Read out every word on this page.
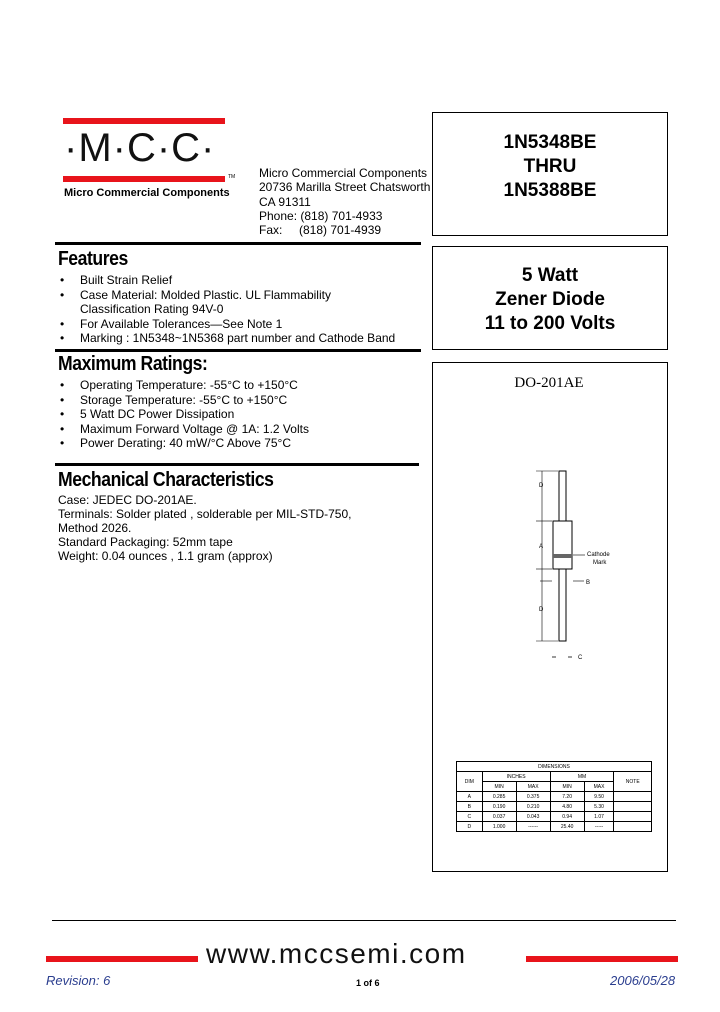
·M·C·C·
TM
Micro Commercial Components
Micro Commercial Components
20736 Marilla Street Chatsworth
CA 91311
Phone: (818) 701-4933
Fax:     (818) 701-4939
1N5348BE
THRU
1N5388BE
5 Watt
Zener Diode
11 to 200 Volts
DO-201AE
D
A
B
D
C
Cathode
Mark
DIMENSIONS					
DIM	INCHES		MM		NOTE
	MIN	MAX	MIN	MAX	
A	0.285	0.375	7.20	9.50	
B	0.190	0.210	4.80	5.30	
C	0.037	0.043	0.94	1.07	
D	1.000	------	25.40	-----	
Features
• Built Strain Relief
• Case Material: Molded Plastic. UL Flammability
Classification Rating 94V-0
• For Available Tolerances—See Note 1
• Marking : 1N5348~1N5368 part number and Cathode Band
Maximum Ratings:
• Operating Temperature: -55°C to +150°C
• Storage Temperature: -55°C to +150°C
• 5 Watt DC Power Dissipation
• Maximum Forward Voltage @ 1A: 1.2 Volts
• Power Derating: 40 mW/°C Above 75°C
Mechanical Characteristics
Case: JEDEC DO-201AE.
Terminals: Solder plated , solderable per MIL-STD-750,
Method 2026.
Standard Packaging: 52mm tape
Weight: 0.04 ounces , 1.1 gram (approx)
www.mccsemi.com
Revision: 6	1 of 6	2006/05/28
